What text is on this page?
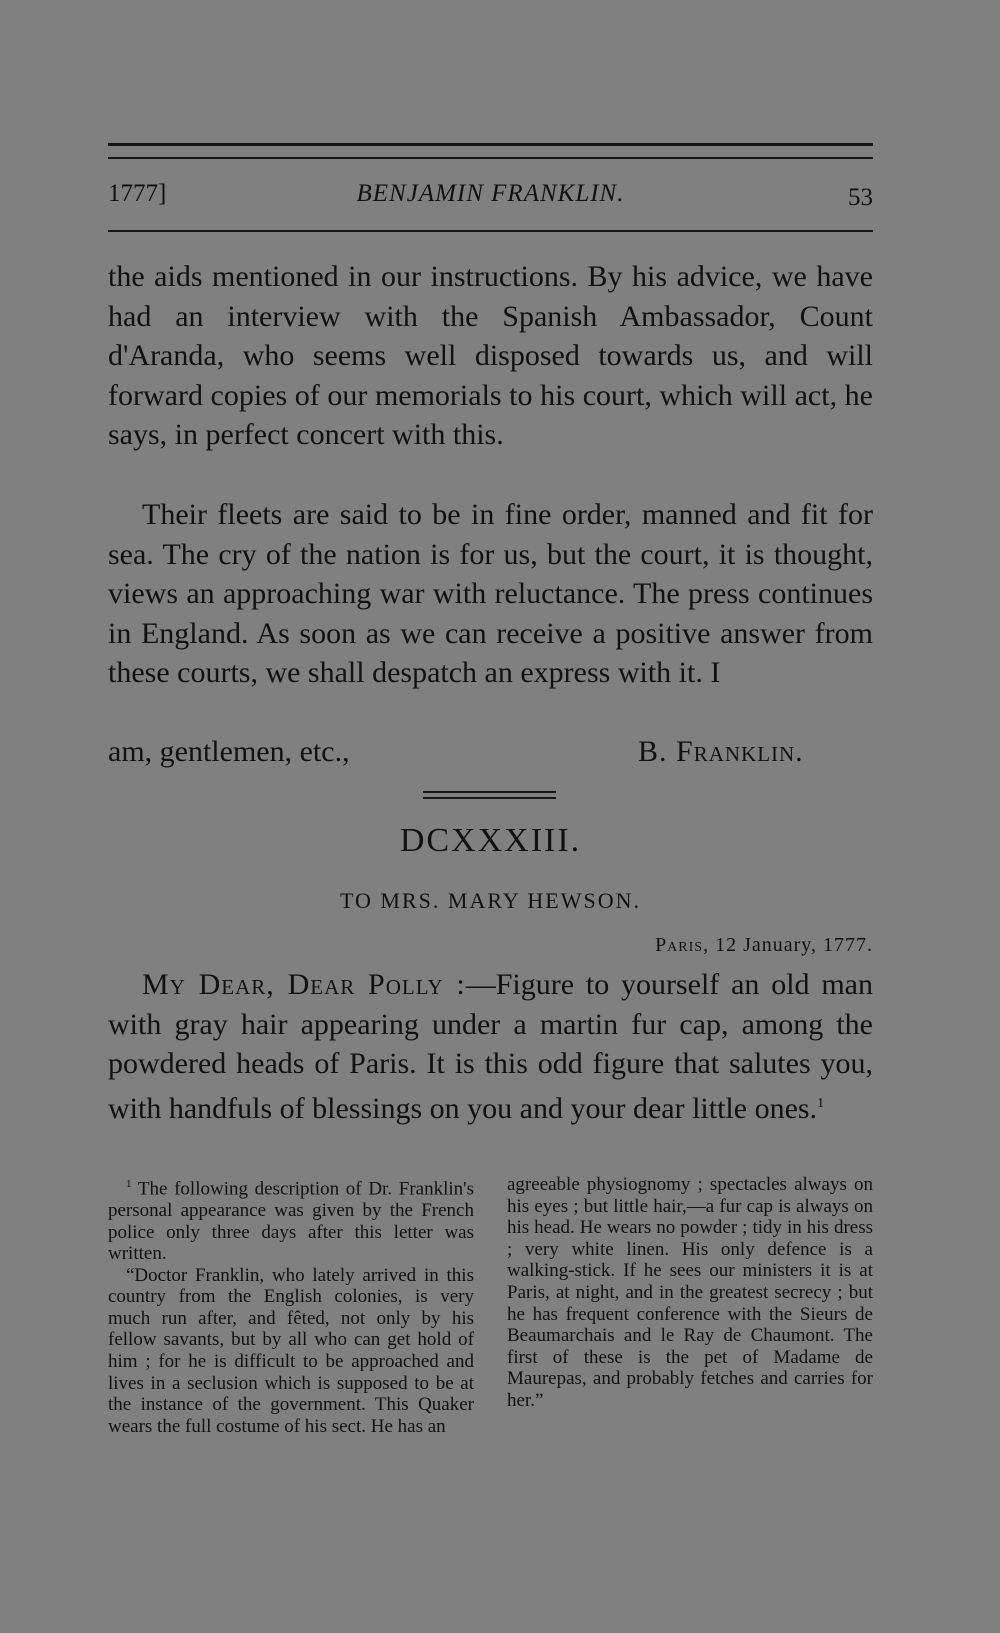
1777]	BENJAMIN FRANKLIN.	53

the aids mentioned in our instructions. By his advice, we have had an interview with the Spanish Ambassador, Count d'Aranda, who seems well disposed towards us, and will forward copies of our memorials to his court, which will act, he says, in perfect concert with this.

Their fleets are said to be in fine order, manned and fit for sea. The cry of the nation is for us, but the court, it is thought, views an approaching war with reluctance. The press continues in England. As soon as we can receive a positive answer from these courts, we shall despatch an express with it. I

am, gentlemen, etc.,	B. Franklin.
DCXXXIII.
TO MRS. MARY HEWSON.
Paris, 12 January, 1777.

My Dear, Dear Polly :—Figure to yourself an old man with gray hair appearing under a martin fur cap, among the powdered heads of Paris. It is this odd figure that salutes you, with handfuls of blessings on you and your dear little ones.$^1$

$^1$ The following description of Dr. Franklin's personal appearance was given by the French police only three days after this letter was written.

“Doctor Franklin, who lately arrived in this country from the English colonies, is very much run after, and fêted, not only by his fellow savants, but by all who can get hold of him ; for he is difficult to be approached and lives in a seclusion which is supposed to be at the instance of the government. This Quaker wears the full costume of his sect. He has an

agreeable physiognomy ; spectacles always on his eyes ; but little hair,—a fur cap is always on his head. He wears no powder ; tidy in his dress ; very white linen. His only defence is a walking-stick. If he sees our ministers it is at Paris, at night, and in the greatest secrecy ; but he has frequent conference with the Sieurs de Beaumarchais and le Ray de Chaumont. The first of these is the pet of Madame de Maurepas, and probably fetches and carries for her.”
